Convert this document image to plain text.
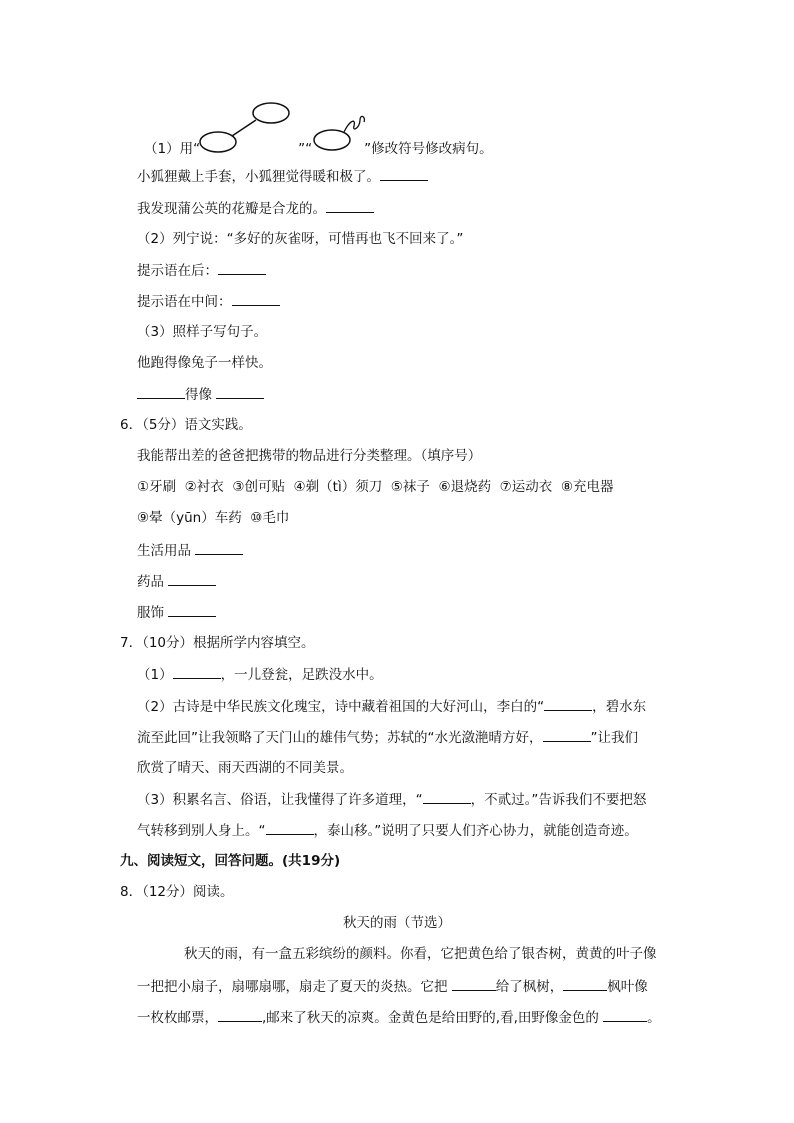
（1）用“	”“	”修改符号修改病句。
小狐狸戴上手套，小狐狸觉得暖和极了。
我发现蒲公英的花瓣是合龙的。
（2）列宁说：“多好的灰雀呀，可惜再也飞不回来了。”
提示语在后：
提示语在中间：
（3）照样子写句子。
他跑得像兔子一样快。
得像
6．（5分）语文实践。
我能帮出差的爸爸把携带的物品进行分类整理。（填序号）
①牙刷  ②衬衣  ③创可贴  ④剃（tì）须刀  ⑤袜子  ⑥退烧药  ⑦运动衣  ⑧充电器
⑨晕（yūn）车药  ⑩毛巾
生活用品
药品
服饰
7．（10分）根据所学内容填空。
（1）	，一儿登瓮，足跌没水中。
（2）古诗是中华民族文化瑰宝，诗中藏着祖国的大好河山，李白的“	，碧水东
流至此回”让我领略了天门山的雄伟气势；苏轼的“水光潋滟晴方好，	”让我们
欣赏了晴天、雨天西湖的不同美景。
（3）积累名言、俗语，让我懂得了许多道理，“	，不贰过。”告诉我们不要把怒
气转移到别人身上。“	，泰山移。”说明了只要人们齐心协力，就能创造奇迹。
九、阅读短文，回答问题。(共19分)
8．（12分）阅读。
秋天的雨（节选）
秋天的雨，有一盒五彩缤纷的颜料。你看，它把黄色给了银杏树，黄黄的叶子像
一把把小扇子，扇哪扇哪，扇走了夏天的炎热。它把	给了枫树，	枫叶像
一枚枚邮票，	,邮来了秋天的凉爽。金黄色是给田野的,看,田野像金色的	。
